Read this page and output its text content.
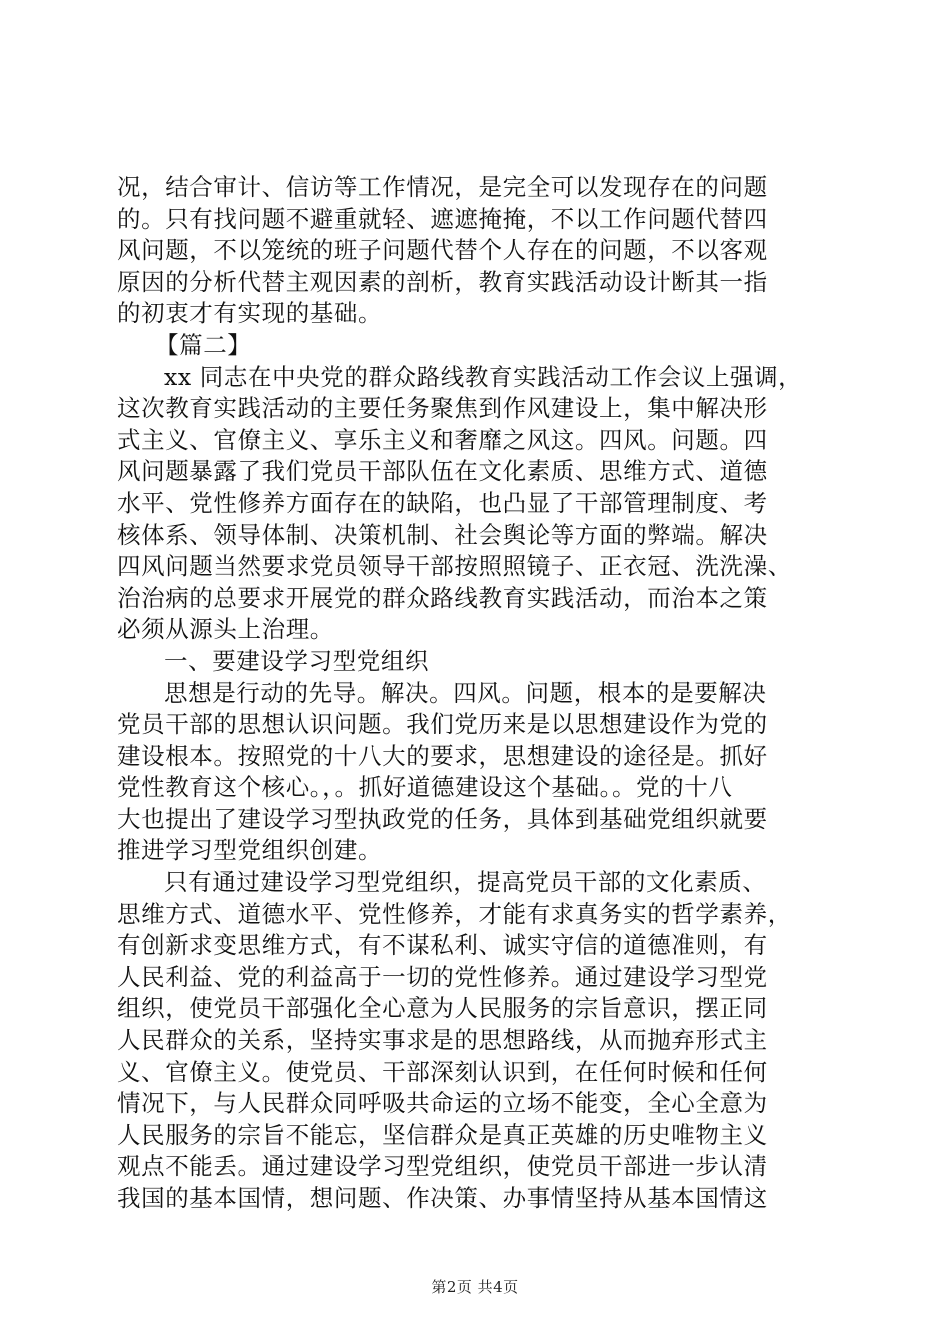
况，结合审计、信访等工作情况，是完全可以发现存在的问题
的。只有找问题不避重就轻、遮遮掩掩，不以工作问题代替四
风问题，不以笼统的班子问题代替个人存在的问题，不以客观
原因的分析代替主观因素的剖析，教育实践活动设计断其一指
的初衷才有实现的基础。
【篇二】
xx 同志在中央党的群众路线教育实践活动工作会议上强调，
这次教育实践活动的主要任务聚焦到作风建设上，集中解决形
式主义、官僚主义、享乐主义和奢靡之风这。四风。问题。四
风问题暴露了我们党员干部队伍在文化素质、思维方式、道德
水平、党性修养方面存在的缺陷，也凸显了干部管理制度、考
核体系、领导体制、决策机制、社会舆论等方面的弊端。解决
四风问题当然要求党员领导干部按照照镜子、正衣冠、洗洗澡、
治治病的总要求开展党的群众路线教育实践活动，而治本之策
必须从源头上治理。
一、要建设学习型党组织
思想是行动的先导。解决。四风。问题，根本的是要解决
党员干部的思想认识问题。我们党历来是以思想建设作为党的
建设根本。按照党的十八大的要求，思想建设的途径是。抓好
党性教育这个核心。，。抓好道德建设这个基础。。党的十八
大也提出了建设学习型执政党的任务，具体到基础党组织就要
推进学习型党组织创建。
只有通过建设学习型党组织，提高党员干部的文化素质、
思维方式、道德水平、党性修养，才能有求真务实的哲学素养，
有创新求变思维方式，有不谋私利、诚实守信的道德准则，有
人民利益、党的利益高于一切的党性修养。通过建设学习型党
组织，使党员干部强化全心意为人民服务的宗旨意识，摆正同
人民群众的关系，坚持实事求是的思想路线，从而抛弃形式主
义、官僚主义。使党员、干部深刻认识到，在任何时候和任何
情况下，与人民群众同呼吸共命运的立场不能变，全心全意为
人民服务的宗旨不能忘，坚信群众是真正英雄的历史唯物主义
观点不能丢。通过建设学习型党组织，使党员干部进一步认清
我国的基本国情，想问题、作决策、办事情坚持从基本国情这
第2页 共4页
